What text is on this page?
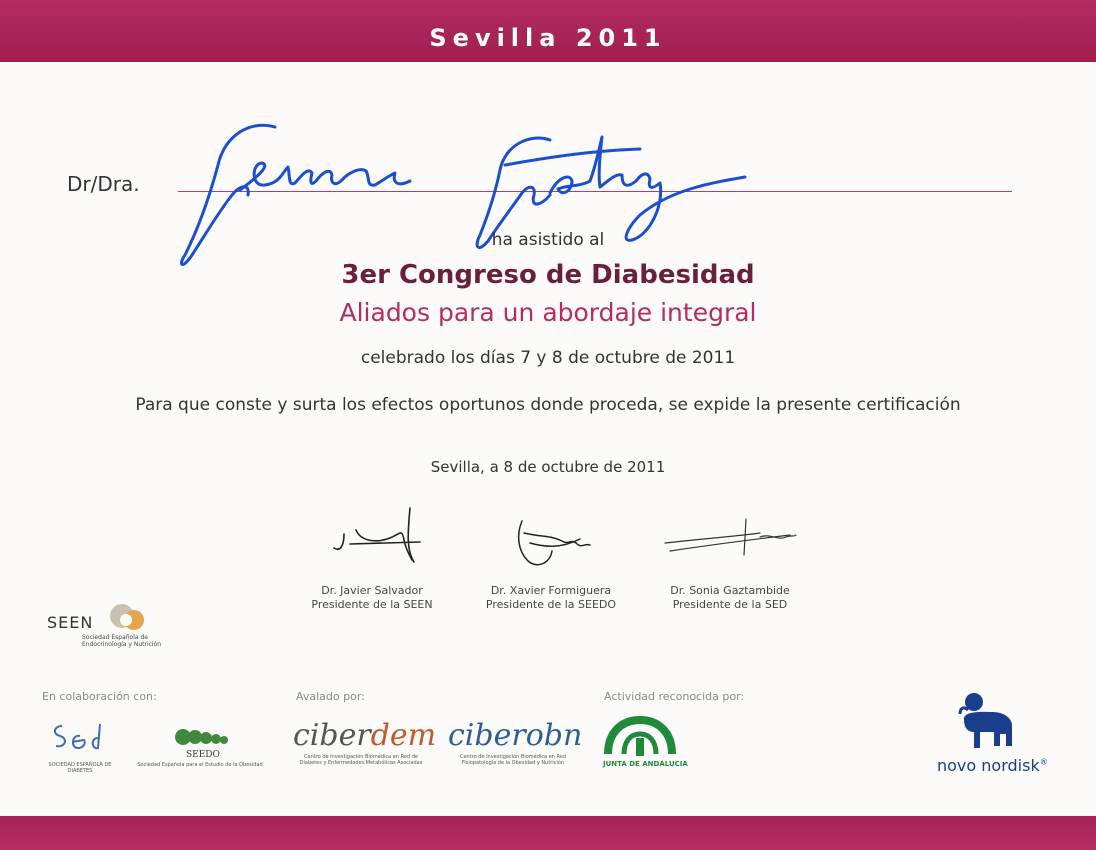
Sevilla 2011
Dr/Dra.
ha asistido al
3er Congreso de Diabesidad
Aliados para un abordaje integral
celebrado los días 7 y 8 de octubre de 2011
Para que conste y surta los efectos oportunos donde proceda, se expide la presente certificación
Sevilla, a 8 de octubre de 2011
Dr. Javier Salvador
Presidente de la SEEN
Dr. Xavier Formiguera
Presidente de la SEEDO
Dr. Sonia Gaztambide
Presidente de la SED
SEEN
Sociedad Española de Endocrinología y Nutrición
En colaboración con:	Avalado por:	Actividad reconocida por:
SOCIEDAD ESPAÑOLA DE DIABETES
SEEDO
Sociedad Española para el Estudio de la Obesidad
ciberdem
Centro de Investigación Biomédica en Red de Diabetes y Enfermedades Metabólicas Asociadas
ciberobn
Centro de Investigación Biomédica en Red Fisiopatología de la Obesidad y Nutrición	JUNTA DE ANDALUCIA	novo nordisk®
